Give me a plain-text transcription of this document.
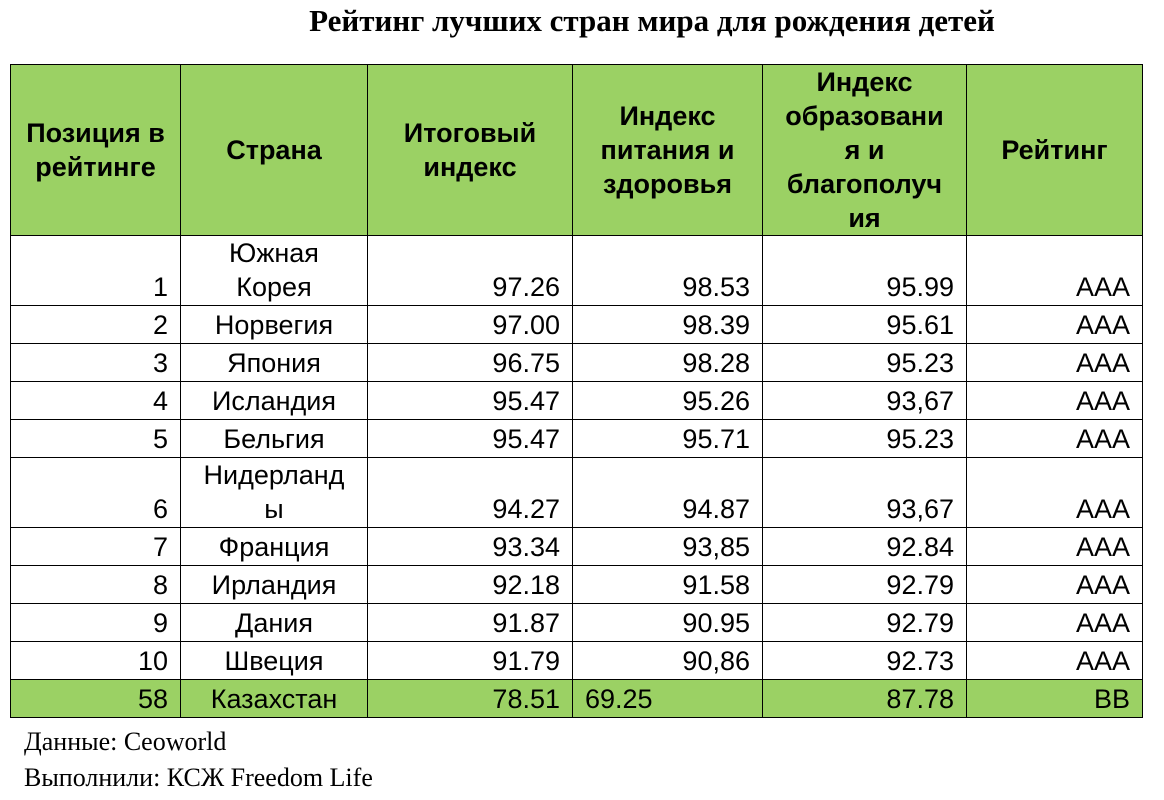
Рейтинг лучших стран мира для рождения детей
Позиция в рейтинге	Страна	Итоговый индекс	Индекс питания и здоровья	Индекс образовани я и благополуч ия	Рейтинг
1	Южная Корея	97.26	98.53	95.99	AAA
2	Норвегия	97.00	98.39	95.61	AAA
3	Япония	96.75	98.28	95.23	AAA
4	Исландия	95.47	95.26	93,67	AAA
5	Бельгия	95.47	95.71	95.23	AAA
6	Нидерланд ы	94.27	94.87	93,67	AAA
7	Франция	93.34	93,85	92.84	AAA
8	Ирландия	92.18	91.58	92.79	AAA
9	Дания	91.87	90.95	92.79	AAA
10	Швеция	91.79	90,86	92.73	AAA
58	Казахстан	78.51	69.25	87.78	BB
Данные: Ceoworld
Выполнили: КСЖ Freedom Life
